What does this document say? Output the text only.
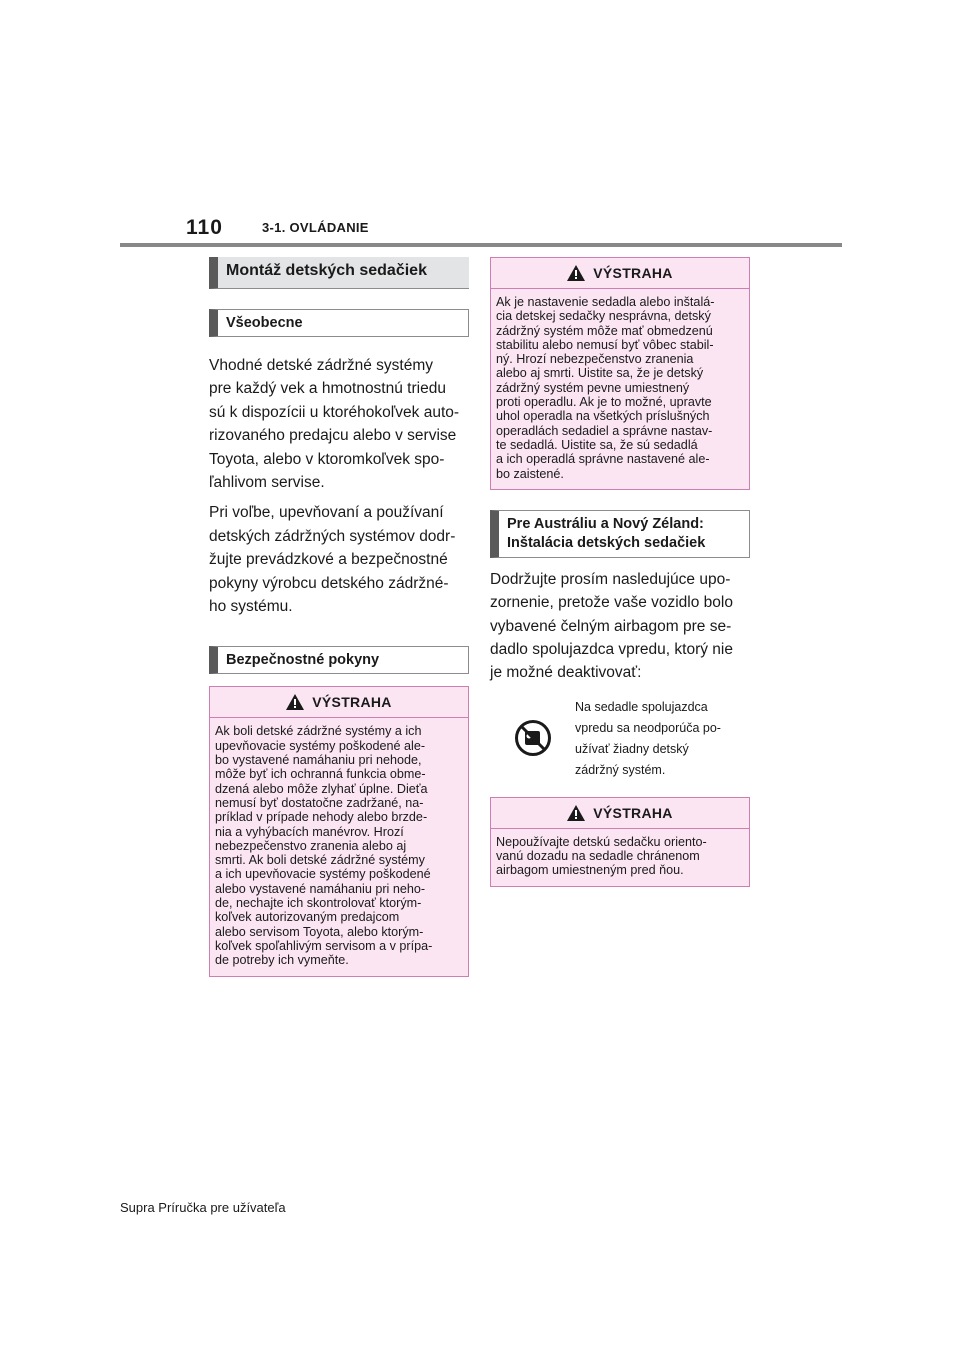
110	3-1. OVLÁDANIE
Montáž detských sedačiek
Všeobecne

Vhodné detské zádržné systémy
pre každý vek a hmotnostnú triedu
sú k dispozícii u ktoréhokoľvek auto-
rizovaného predajcu alebo v servise
Toyota, alebo v ktoromkoľvek spo-
ľahlivom servise.

Pri voľbe, upevňovaní a používaní
detských zádržných systémov dodr-
žujte prevádzkové a bezpečnostné
pokyny výrobcu detského zádržné-
ho systému.

Bezpečnostné pokyny
VÝSTRAHA
Ak boli detské zádržné systémy a ich
upevňovacie systémy poškodené ale-
bo vystavené namáhaniu pri nehode,
môže byť ich ochranná funkcia obme-
dzená alebo môže zlyhať úplne. Dieťa
nemusí byť dostatočne zadržané, na-
príklad v prípade nehody alebo brzde-
nia a vyhýbacích manévrov. Hrozí
nebezpečenstvo zranenia alebo aj
smrti. Ak boli detské zádržné systémy
a ich upevňovacie systémy poškodené
alebo vystavené namáhaniu pri neho-
de, nechajte ich skontrolovať ktorým-
koľvek autorizovaným predajcom
alebo servisom Toyota, alebo ktorým-
koľvek spoľahlivým servisom a v prípa-
de potreby ich vymeňte.
VÝSTRAHA
Ak je nastavenie sedadla alebo inštalá-
cia detskej sedačky nesprávna, detský
zádržný systém môže mať obmedzenú
stabilitu alebo nemusí byť vôbec stabil-
ný. Hrozí nebezpečenstvo zranenia
alebo aj smrti. Uistite sa, že je detský
zádržný systém pevne umiestnený
proti operadlu. Ak je to možné, upravte
uhol operadla na všetkých príslušných
operadlách sedadiel a správne nastav-
te sedadlá. Uistite sa, že sú sedadlá
a ich operadlá správne nastavené ale-
bo zaistené.
Pre Austráliu a Nový Zéland:
Inštalácia detských sedačiek
Dodržujte prosím nasledujúce upo-
zornenie, pretože vaše vozidlo bolo
vybavené čelným airbagom pre se-
dadlo spolujazdca vpredu, ktorý nie
je možné deaktivovať:
Na sedadle spolujazdca
vpredu sa neodporúča po-
užívať žiadny detský
zádržný systém.
VÝSTRAHA
Nepoužívajte detskú sedačku oriento-
vanú dozadu na sedadle chránenom
airbagom umiestneným pred ňou.
Supra Príručka pre užívateľa
